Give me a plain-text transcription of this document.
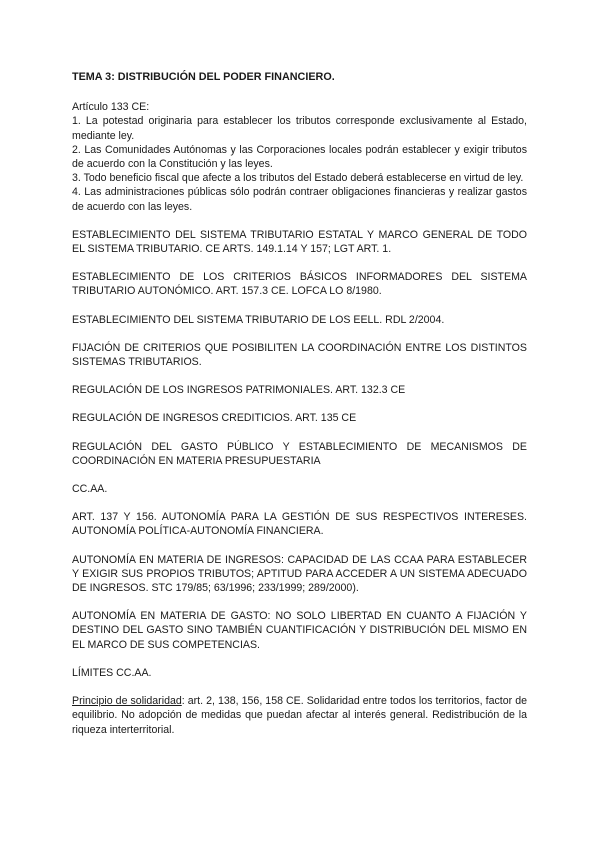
TEMA 3: DISTRIBUCIÓN DEL PODER FINANCIERO.

Artículo 133 CE:

1. La potestad originaria para establecer los tributos corresponde exclusivamente al Estado, mediante ley.

2. Las Comunidades Autónomas y las Corporaciones locales podrán establecer y exigir tributos de acuerdo con la Constitución y las leyes.

3. Todo beneficio fiscal que afecte a los tributos del Estado deberá establecerse en virtud de ley.

4. Las administraciones públicas sólo podrán contraer obligaciones financieras y realizar gastos de acuerdo con las leyes.

ESTABLECIMIENTO DEL SISTEMA TRIBUTARIO ESTATAL Y MARCO GENERAL DE TODO EL SISTEMA TRIBUTARIO. CE ARTS. 149.1.14 Y 157; LGT ART. 1.

ESTABLECIMIENTO DE LOS CRITERIOS BÁSICOS INFORMADORES DEL SISTEMA TRIBUTARIO AUTONÓMICO. ART. 157.3 CE. LOFCA LO 8/1980.

ESTABLECIMIENTO DEL SISTEMA TRIBUTARIO DE LOS EELL. RDL 2/2004.

FIJACIÓN DE CRITERIOS QUE POSIBILITEN LA COORDINACIÓN ENTRE LOS DISTINTOS SISTEMAS TRIBUTARIOS.

REGULACIÓN DE LOS INGRESOS PATRIMONIALES. ART. 132.3 CE

REGULACIÓN DE INGRESOS CREDITICIOS. ART. 135 CE

REGULACIÓN DEL GASTO PÚBLICO Y ESTABLECIMIENTO DE MECANISMOS DE COORDINACIÓN EN MATERIA PRESUPUESTARIA

CC.AA.

ART. 137 Y 156. AUTONOMÍA PARA LA GESTIÓN DE SUS RESPECTIVOS INTERESES. AUTONOMÍA POLÍTICA-AUTONOMÍA FINANCIERA.

AUTONOMÍA EN MATERIA DE INGRESOS: CAPACIDAD DE LAS CCAA PARA ESTABLECER Y EXIGIR SUS PROPIOS TRIBUTOS; APTITUD PARA ACCEDER A UN SISTEMA ADECUADO DE INGRESOS. STC 179/85; 63/1996; 233/1999; 289/2000).

AUTONOMÍA EN MATERIA DE GASTO: NO SOLO LIBERTAD EN CUANTO A FIJACIÓN Y DESTINO DEL GASTO SINO TAMBIÉN CUANTIFICACIÓN Y DISTRIBUCIÓN DEL MISMO EN EL MARCO DE SUS COMPETENCIAS.

LÍMITES CC.AA.

Principio de solidaridad: art. 2, 138, 156, 158 CE. Solidaridad entre todos los territorios, factor de equilibrio. No adopción de medidas que puedan afectar al interés general. Redistribución de la riqueza interterritorial.
